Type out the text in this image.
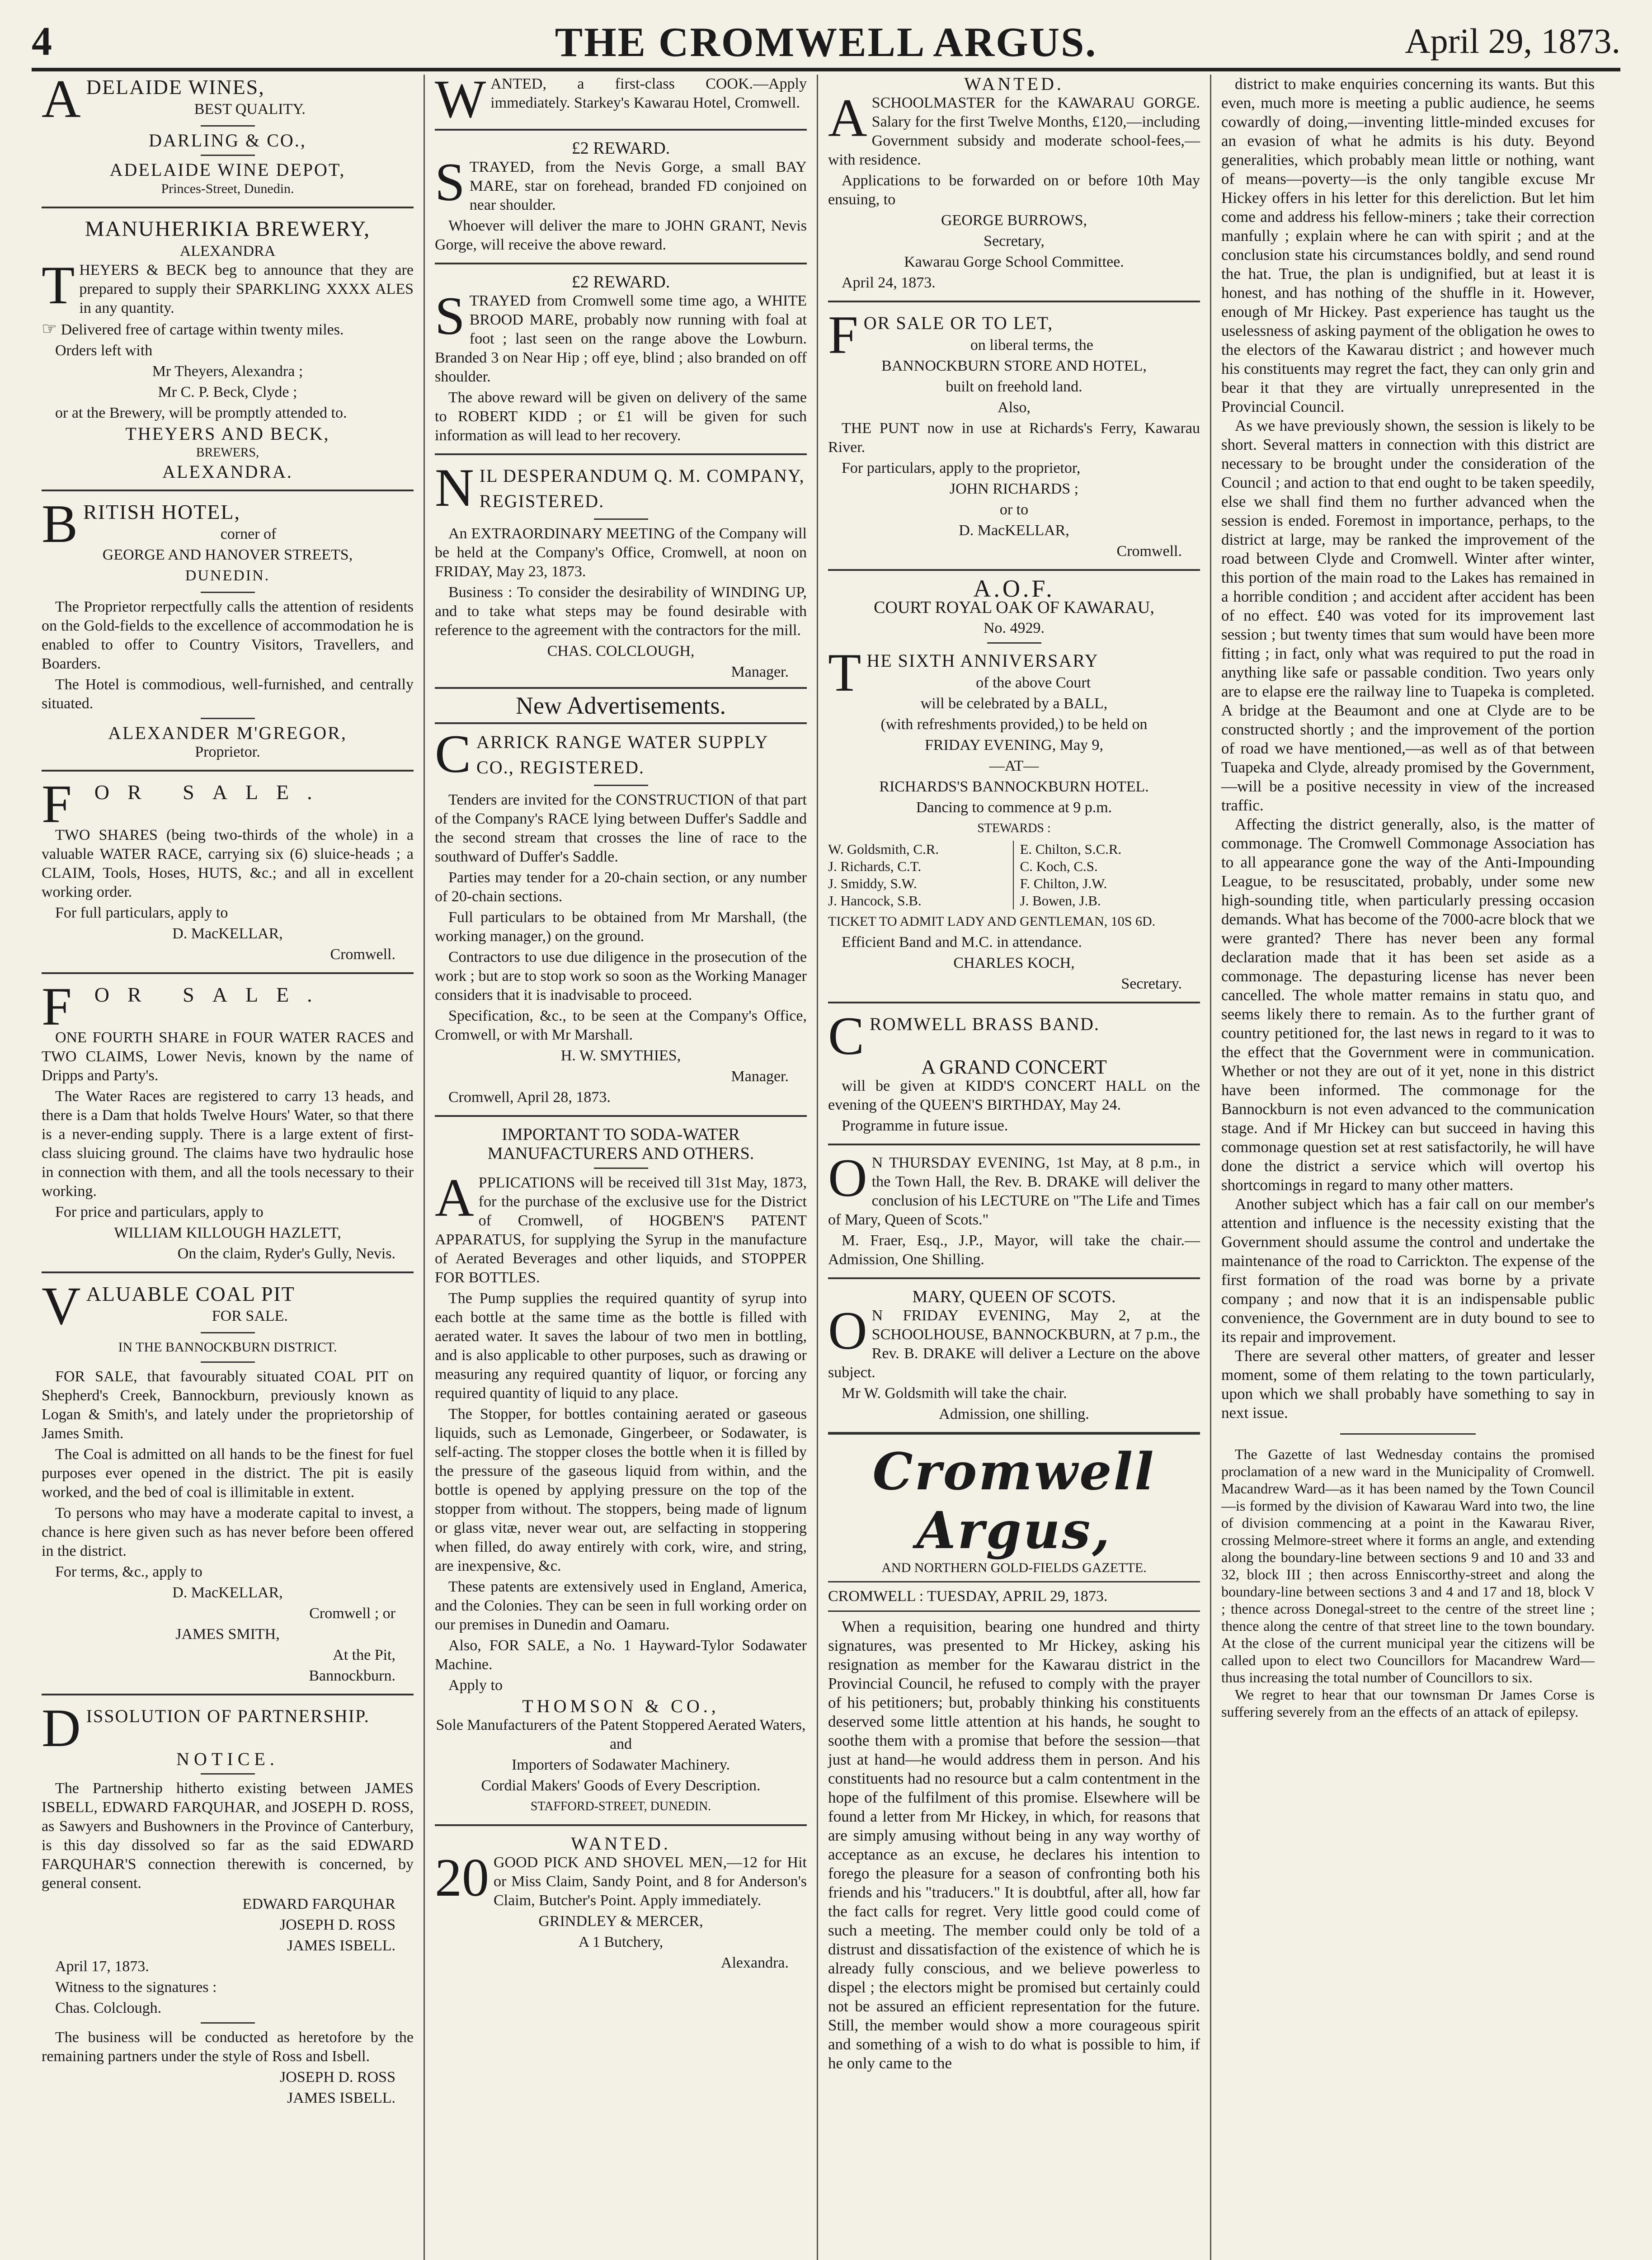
4	THE CROMWELL ARGUS.	April 29, 1873.
ADELAIDE WINES,
BEST QUALITY.
DARLING & CO.,
ADELAIDE WINE DEPOT,
Princes-Street, Dunedin.
MANUHERIKIA BREWERY,
ALEXANDRA

THEYERS & BECK beg to announce that they are prepared to supply their SPARKLING XXXX ALES in any quantity.

☞ Delivered free of cartage within twenty miles.

Orders left with

Mr Theyers, Alexandra ;

Mr C. P. Beck, Clyde ;

or at the Brewery, will be promptly attended to.

THEYERS AND BECK,
BREWERS,
ALEXANDRA.
BRITISH HOTEL,

corner of

GEORGE AND HANOVER STREETS,

DUNEDIN.

The Proprietor rerpectfully calls the attention of residents on the Gold-fields to the excellence of accommodation he is enabled to offer to Country Visitors, Travellers, and Boarders.

The Hotel is commodious, well-furnished, and centrally situated.

ALEXANDER M'GREGOR,
Proprietor.
FOR SALE.

TWO SHARES (being two-thirds of the whole) in a valuable WATER RACE, carrying six (6) sluice-heads ; a CLAIM, Tools, Hoses, HUTS, &c.; and all in excellent working order.

For full particulars, apply to

D. MacKELLAR,

Cromwell.

FOR SALE.

ONE FOURTH SHARE in FOUR WATER RACES and TWO CLAIMS, Lower Nevis, known by the name of Dripps and Party's.

The Water Races are registered to carry 13 heads, and there is a Dam that holds Twelve Hours' Water, so that there is a never-ending supply. There is a large extent of first-class sluicing ground. The claims have two hydraulic hose in connection with them, and all the tools necessary to their working.

For price and particulars, apply to

WILLIAM KILLOUGH HAZLETT,

On the claim, Ryder's Gully, Nevis.

VALUABLE COAL PIT
FOR SALE.

IN THE BANNOCKBURN DISTRICT.

FOR SALE, that favourably situated COAL PIT on Shepherd's Creek, Bannockburn, previously known as Logan & Smith's, and lately under the proprietorship of James Smith.

The Coal is admitted on all hands to be the finest for fuel purposes ever opened in the district. The pit is easily worked, and the bed of coal is illimitable in extent.

To persons who may have a moderate capital to invest, a chance is here given such as has never before been offered in the district.

For terms, &c., apply to

D. MacKELLAR,

Cromwell ; or

JAMES SMITH,

At the Pit,

Bannockburn.

DISSOLUTION OF PARTNERSHIP.
NOTICE.

The Partnership hitherto existing between JAMES ISBELL, EDWARD FARQUHAR, and JOSEPH D. ROSS, as Sawyers and Bushowners in the Province of Canterbury, is this day dissolved so far as the said EDWARD FARQUHAR'S connection therewith is concerned, by general consent.

EDWARD FARQUHAR

JOSEPH D. ROSS

JAMES ISBELL.

April 17, 1873.

Witness to the signatures :

Chas. Colclough.

The business will be conducted as heretofore by the remaining partners under the style of Ross and Isbell.

JOSEPH D. ROSS

JAMES ISBELL.

WANTED, a first-class COOK.—Apply immediately. Starkey's Kawarau Hotel, Cromwell.

£2 REWARD.

STRAYED, from the Nevis Gorge, a small BAY MARE, star on forehead, branded FD conjoined on near shoulder.

Whoever will deliver the mare to JOHN GRANT, Nevis Gorge, will receive the above reward.

£2 REWARD.

STRAYED from Cromwell some time ago, a WHITE BROOD MARE, probably now running with foal at foot ; last seen on the range above the Lowburn. Branded 3 on Near Hip ; off eye, blind ; also branded on off shoulder.

The above reward will be given on delivery of the same to ROBERT KIDD ; or £1 will be given for such information as will lead to her recovery.

NIL DESPERANDUM Q. M. COMPANY, REGISTERED.

An EXTRAORDINARY MEETING of the Company will be held at the Company's Office, Cromwell, at noon on FRIDAY, May 23, 1873.

Business : To consider the desirability of WINDING UP, and to take what steps may be found desirable with reference to the agreement with the contractors for the mill.

CHAS. COLCLOUGH,

Manager.

New Advertisements.
CARRICK RANGE WATER SUPPLY CO., REGISTERED.

Tenders are invited for the CONSTRUCTION of that part of the Company's RACE lying between Duffer's Saddle and the second stream that crosses the line of race to the southward of Duffer's Saddle.

Parties may tender for a 20-chain section, or any number of 20-chain sections.

Full particulars to be obtained from Mr Marshall, (the working manager,) on the ground.

Contractors to use due diligence in the prosecution of the work ; but are to stop work so soon as the Working Manager considers that it is inadvisable to proceed.

Specification, &c., to be seen at the Company's Office, Cromwell, or with Mr Marshall.

H. W. SMYTHIES,

Manager.

Cromwell, April 28, 1873.

IMPORTANT TO SODA-WATER MANUFACTURERS AND OTHERS.

APPLICATIONS will be received till 31st May, 1873, for the purchase of the exclusive use for the District of Cromwell, of HOGBEN'S PATENT APPARATUS, for supplying the Syrup in the manufacture of Aerated Beverages and other liquids, and STOPPER FOR BOTTLES.

The Pump supplies the required quantity of syrup into each bottle at the same time as the bottle is filled with aerated water. It saves the labour of two men in bottling, and is also applicable to other purposes, such as drawing or measuring any required quantity of liquor, or forcing any required quantity of liquid to any place.

The Stopper, for bottles containing aerated or gaseous liquids, such as Lemonade, Gingerbeer, or Sodawater, is self-acting. The stopper closes the bottle when it is filled by the pressure of the gaseous liquid from within, and the bottle is opened by applying pressure on the top of the stopper from without. The stoppers, being made of lignum or glass vitæ, never wear out, are selfacting in stoppering when filled, do away entirely with cork, wire, and string, are inexpensive, &c.

These patents are extensively used in England, America, and the Colonies. They can be seen in full working order on our premises in Dunedin and Oamaru.

Also, FOR SALE, a No. 1 Hayward-Tylor Sodawater Machine.

Apply to

THOMSON & CO.,

Sole Manufacturers of the Patent Stoppered Aerated Waters, and

Importers of Sodawater Machinery.

Cordial Makers' Goods of Every Description.

STAFFORD-STREET, DUNEDIN.

WANTED.

20 GOOD PICK AND SHOVEL MEN,—12 for Hit or Miss Claim, Sandy Point, and 8 for Anderson's Claim, Butcher's Point. Apply immediately.

GRINDLEY & MERCER,

A 1 Butchery,

Alexandra.

WANTED.

ASCHOOLMASTER for the KAWARAU GORGE. Salary for the first Twelve Months, £120,—including Government subsidy and moderate school-fees,—with residence.

Applications to be forwarded on or before 10th May ensuing, to

GEORGE BURROWS,

Secretary,

Kawarau Gorge School Committee.

April 24, 1873.

FOR SALE OR TO LET,

on liberal terms, the

BANNOCKBURN STORE AND HOTEL,

built on freehold land.

Also,

THE PUNT now in use at Richards's Ferry, Kawarau River.

For particulars, apply to the proprietor,

JOHN RICHARDS ;

or to

D. MacKELLAR,

Cromwell.

A.O.F.

COURT ROYAL OAK OF KAWARAU,

No. 4929.

THE SIXTH ANNIVERSARY

of the above Court

will be celebrated by a BALL,

(with refreshments provided,) to be held on

FRIDAY EVENING, May 9,

—AT—

RICHARDS'S BANNOCKBURN HOTEL.

Dancing to commence at 9 p.m.

STEWARDS :

W. Goldsmith, C.R.
J. Richards, C.T.
J. Smiddy, S.W.
J. Hancock, S.B.
E. Chilton, S.C.R.
C. Koch, C.S.
F. Chilton, J.W.
J. Bowen, J.B.

TICKET TO ADMIT LADY AND GENTLEMAN, 10S 6D.

Efficient Band and M.C. in attendance.

CHARLES KOCH,

Secretary.

CROMWELL BRASS BAND.
A GRAND CONCERT

will be given at KIDD'S CONCERT HALL on the evening of the QUEEN'S BIRTHDAY, May 24.

Programme in future issue.

O N THURSDAY EVENING, 1st May, at 8 p.m., in the Town Hall, the Rev. B. DRAKE will deliver the conclusion of his LECTURE on "The Life and Times of Mary, Queen of Scots."

M. Fraer, Esq., J.P., Mayor, will take the chair.—Admission, One Shilling.

MARY, QUEEN OF SCOTS.

O N FRIDAY EVENING, May 2, at the SCHOOLHOUSE, BANNOCKBURN, at 7 p.m., the Rev. B. DRAKE will deliver a Lecture on the above subject.

Mr W. Goldsmith will take the chair.

Admission, one shilling.

Cromwell Argus,
AND NORTHERN GOLD-FIELDS GAZETTE.
CROMWELL : TUESDAY, APRIL 29, 1873.

When a requisition, bearing one hundred and thirty signatures, was presented to Mr Hickey, asking his resignation as member for the Kawarau district in the Provincial Council, he refused to comply with the prayer of his petitioners; but, probably thinking his constituents deserved some little attention at his hands, he sought to soothe them with a promise that before the session—that just at hand—he would address them in person. And his constituents had no resource but a calm contentment in the hope of the fulfilment of this promise. Elsewhere will be found a letter from Mr Hickey, in which, for reasons that are simply amusing without being in any way worthy of acceptance as an excuse, he declares his intention to forego the pleasure for a season of confronting both his friends and his "traducers." It is doubtful, after all, how far the fact calls for regret. Very little good could come of such a meeting. The member could only be told of a distrust and dissatisfaction of the existence of which he is already fully conscious, and we believe powerless to dispel ; the electors might be promised but certainly could not be assured an efficient representation for the future. Still, the member would show a more courageous spirit and something of a wish to do what is possible to him, if he only came to the

district to make enquiries concerning its wants. But this even, much more is meeting a public audience, he seems cowardly of doing,—inventing little-minded excuses for an evasion of what he admits is his duty. Beyond generalities, which probably mean little or nothing, want of means—poverty—is the only tangible excuse Mr Hickey offers in his letter for this dereliction. But let him come and address his fellow-miners ; take their correction manfully ; explain where he can with spirit ; and at the conclusion state his circumstances boldly, and send round the hat. True, the plan is undignified, but at least it is honest, and has nothing of the shuffle in it. However, enough of Mr Hickey. Past experience has taught us the uselessness of asking payment of the obligation he owes to the electors of the Kawarau district ; and however much his constituents may regret the fact, they can only grin and bear it that they are virtually unrepresented in the Provincial Council.

As we have previously shown, the session is likely to be short. Several matters in connection with this district are necessary to be brought under the consideration of the Council ; and action to that end ought to be taken speedily, else we shall find them no further advanced when the session is ended. Foremost in importance, perhaps, to the district at large, may be ranked the improvement of the road between Clyde and Cromwell. Winter after winter, this portion of the main road to the Lakes has remained in a horrible condition ; and accident after accident has been of no effect. £40 was voted for its improvement last session ; but twenty times that sum would have been more fitting ; in fact, only what was required to put the road in anything like safe or passable condition. Two years only are to elapse ere the railway line to Tuapeka is completed. A bridge at the Beaumont and one at Clyde are to be constructed shortly ; and the improvement of the portion of road we have mentioned,—as well as of that between Tuapeka and Clyde, already promised by the Government,—will be a positive necessity in view of the increased traffic.

Affecting the district generally, also, is the matter of commonage. The Cromwell Commonage Association has to all appearance gone the way of the Anti-Impounding League, to be resuscitated, probably, under some new high-sounding title, when particularly pressing occasion demands. What has become of the 7000-acre block that we were granted? There has never been any formal declaration made that it has been set aside as a commonage. The depasturing license has never been cancelled. The whole matter remains in statu quo, and seems likely there to remain. As to the further grant of country petitioned for, the last news in regard to it was to the effect that the Government were in communication. Whether or not they are out of it yet, none in this district have been informed. The commonage for the Bannockburn is not even advanced to the communication stage. And if Mr Hickey can but succeed in having this commonage question set at rest satisfactorily, he will have done the district a service which will overtop his shortcomings in regard to many other matters.

Another subject which has a fair call on our member's attention and influence is the necessity existing that the Government should assume the control and undertake the maintenance of the road to Carrickton. The expense of the first formation of the road was borne by a private company ; and now that it is an indispensable public convenience, the Government are in duty bound to see to its repair and improvement.

There are several other matters, of greater and lesser moment, some of them relating to the town particularly, upon which we shall probably have something to say in next issue.

The Gazette of last Wednesday contains the promised proclamation of a new ward in the Municipality of Cromwell. Macandrew Ward—as it has been named by the Town Council—is formed by the division of Kawarau Ward into two, the line of division commencing at a point in the Kawarau River, crossing Melmore-street where it forms an angle, and extending along the boundary-line between sections 9 and 10 and 33 and 32, block III ; then across Enniscorthy-street and along the boundary-line between sections 3 and 4 and 17 and 18, block V ; thence across Donegal-street to the centre of the street line ; thence along the centre of that street line to the town boundary. At the close of the current municipal year the citizens will be called upon to elect two Councillors for Macandrew Ward—thus increasing the total number of Councillors to six.

We regret to hear that our townsman Dr James Corse is suffering severely from an the effects of an attack of epilepsy.
